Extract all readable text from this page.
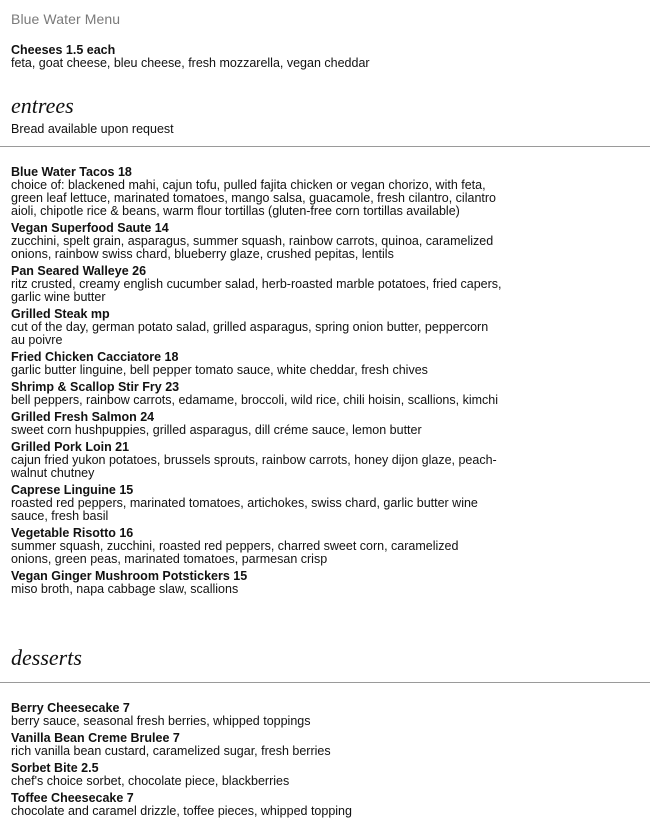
Blue Water Menu
Cheeses 1.5 each
feta, goat cheese, bleu cheese, fresh mozzarella, vegan cheddar
entrees
Bread available upon request
Blue Water Tacos 18
choice of: blackened mahi, cajun tofu, pulled fajita chicken or vegan chorizo, with feta, green leaf lettuce, marinated tomatoes, mango salsa, guacamole, fresh cilantro, cilantro aioli, chipotle rice & beans, warm flour tortillas (gluten-free corn tortillas available)
Vegan Superfood Saute 14
zucchini, spelt grain, asparagus, summer squash, rainbow carrots, quinoa, caramelized onions, rainbow swiss chard, blueberry glaze, crushed pepitas, lentils
Pan Seared Walleye 26
ritz crusted, creamy english cucumber salad, herb-roasted marble potatoes, fried capers, garlic wine butter
Grilled Steak mp
cut of the day, german potato salad, grilled asparagus, spring onion butter, peppercorn au poivre
Fried Chicken Cacciatore 18
garlic butter linguine, bell pepper tomato sauce, white cheddar, fresh chives
Shrimp & Scallop Stir Fry 23
bell peppers, rainbow carrots, edamame, broccoli, wild rice, chili hoisin, scallions, kimchi
Grilled Fresh Salmon 24
sweet corn hushpuppies, grilled asparagus, dill créme sauce, lemon butter
Grilled Pork Loin 21
cajun fried yukon potatoes, brussels sprouts, rainbow carrots, honey dijon glaze, peach-walnut chutney
Caprese Linguine 15
roasted red peppers, marinated tomatoes, artichokes, swiss chard, garlic butter wine sauce, fresh basil
Vegetable Risotto 16
summer squash, zucchini, roasted red peppers, charred sweet corn, caramelized onions, green peas, marinated tomatoes, parmesan crisp
Vegan Ginger Mushroom Potstickers 15
miso broth, napa cabbage slaw, scallions
desserts
Berry Cheesecake 7
berry sauce, seasonal fresh berries, whipped toppings
Vanilla Bean Creme Brulee 7
rich vanilla bean custard, caramelized sugar, fresh berries
Sorbet Bite 2.5
chef's choice sorbet, chocolate piece, blackberries
Toffee Cheesecake 7
chocolate and caramel drizzle, toffee pieces, whipped topping
